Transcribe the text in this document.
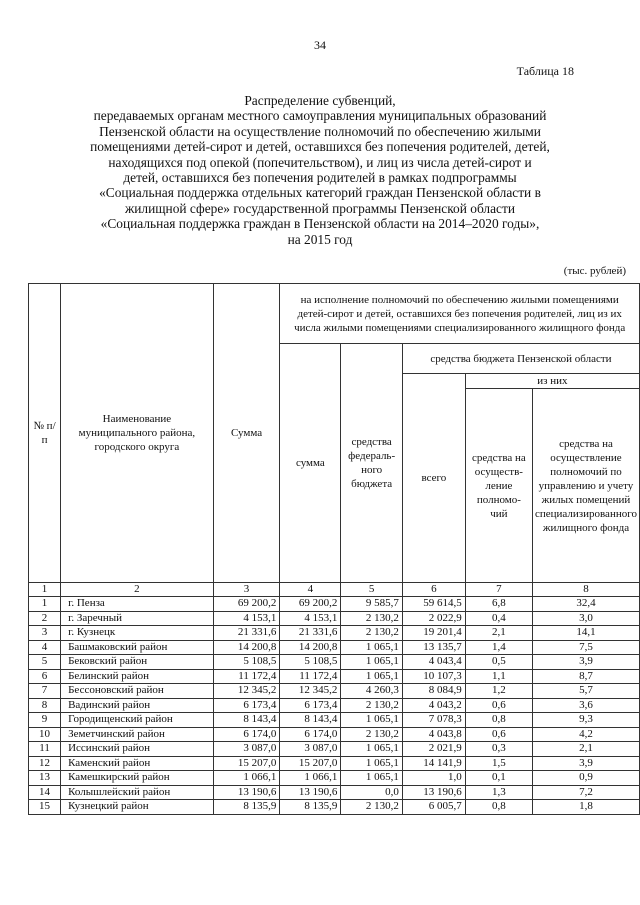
34
Таблица 18
Распределение субвенций,
передаваемых органам местного самоуправления муниципальных образований
Пензенской области на осуществление полномочий по обеспечению жилыми
помещениями детей-сирот и детей, оставшихся без попечения родителей, детей,
находящихся под опекой (попечительством), и лиц из числа детей-сирот и
детей, оставшихся без попечения родителей в рамках подпрограммы
«Социальная поддержка отдельных категорий граждан Пензенской области в
жилищной сфере» государственной программы Пензенской области
«Социальная поддержка граждан в Пензенской области на 2014–2020 годы»,
на 2015 год
(тыс. рублей)
№ п/п	Наименование муниципального района, городского округа	Сумма	на исполнение полномочий по обеспечению жилыми помещениями детей-сирот и детей, оставшихся без попечения родителей, лиц из их числа жилыми помещениями специализированного жилищного фонда				
			сумма	средства федераль-ного бюджета	средства бюджета Пензенской области		
					всего	из них	
						средства на осуществ-ление полномо-чий	средства на осуществление полномочий по управлению и учету жилых помещений специализированного жилищного фонда
1	2	3	4	5	6	7	8
1	г. Пенза	69 200,2	69 200,2	9 585,7	59 614,5	6,8	32,4
2	г. Заречный	4 153,1	4 153,1	2 130,2	2 022,9	0,4	3,0
3	г. Кузнецк	21 331,6	21 331,6	2 130,2	19 201,4	2,1	14,1
4	Башмаковский район	14 200,8	14 200,8	1 065,1	13 135,7	1,4	7,5
5	Бековский район	5 108,5	5 108,5	1 065,1	4 043,4	0,5	3,9
6	Белинский район	11 172,4	11 172,4	1 065,1	10 107,3	1,1	8,7
7	Бессоновский район	12 345,2	12 345,2	4 260,3	8 084,9	1,2	5,7
8	Вадинский район	6 173,4	6 173,4	2 130,2	4 043,2	0,6	3,6
9	Городищенский район	8 143,4	8 143,4	1 065,1	7 078,3	0,8	9,3
10	Земетчинский район	6 174,0	6 174,0	2 130,2	4 043,8	0,6	4,2
11	Иссинский район	3 087,0	3 087,0	1 065,1	2 021,9	0,3	2,1
12	Каменский район	15 207,0	15 207,0	1 065,1	14 141,9	1,5	3,9
13	Камешкирский район	1 066,1	1 066,1	1 065,1	1,0	0,1	0,9
14	Колышлейский район	13 190,6	13 190,6	0,0	13 190,6	1,3	7,2
15	Кузнецкий район	8 135,9	8 135,9	2 130,2	6 005,7	0,8	1,8
